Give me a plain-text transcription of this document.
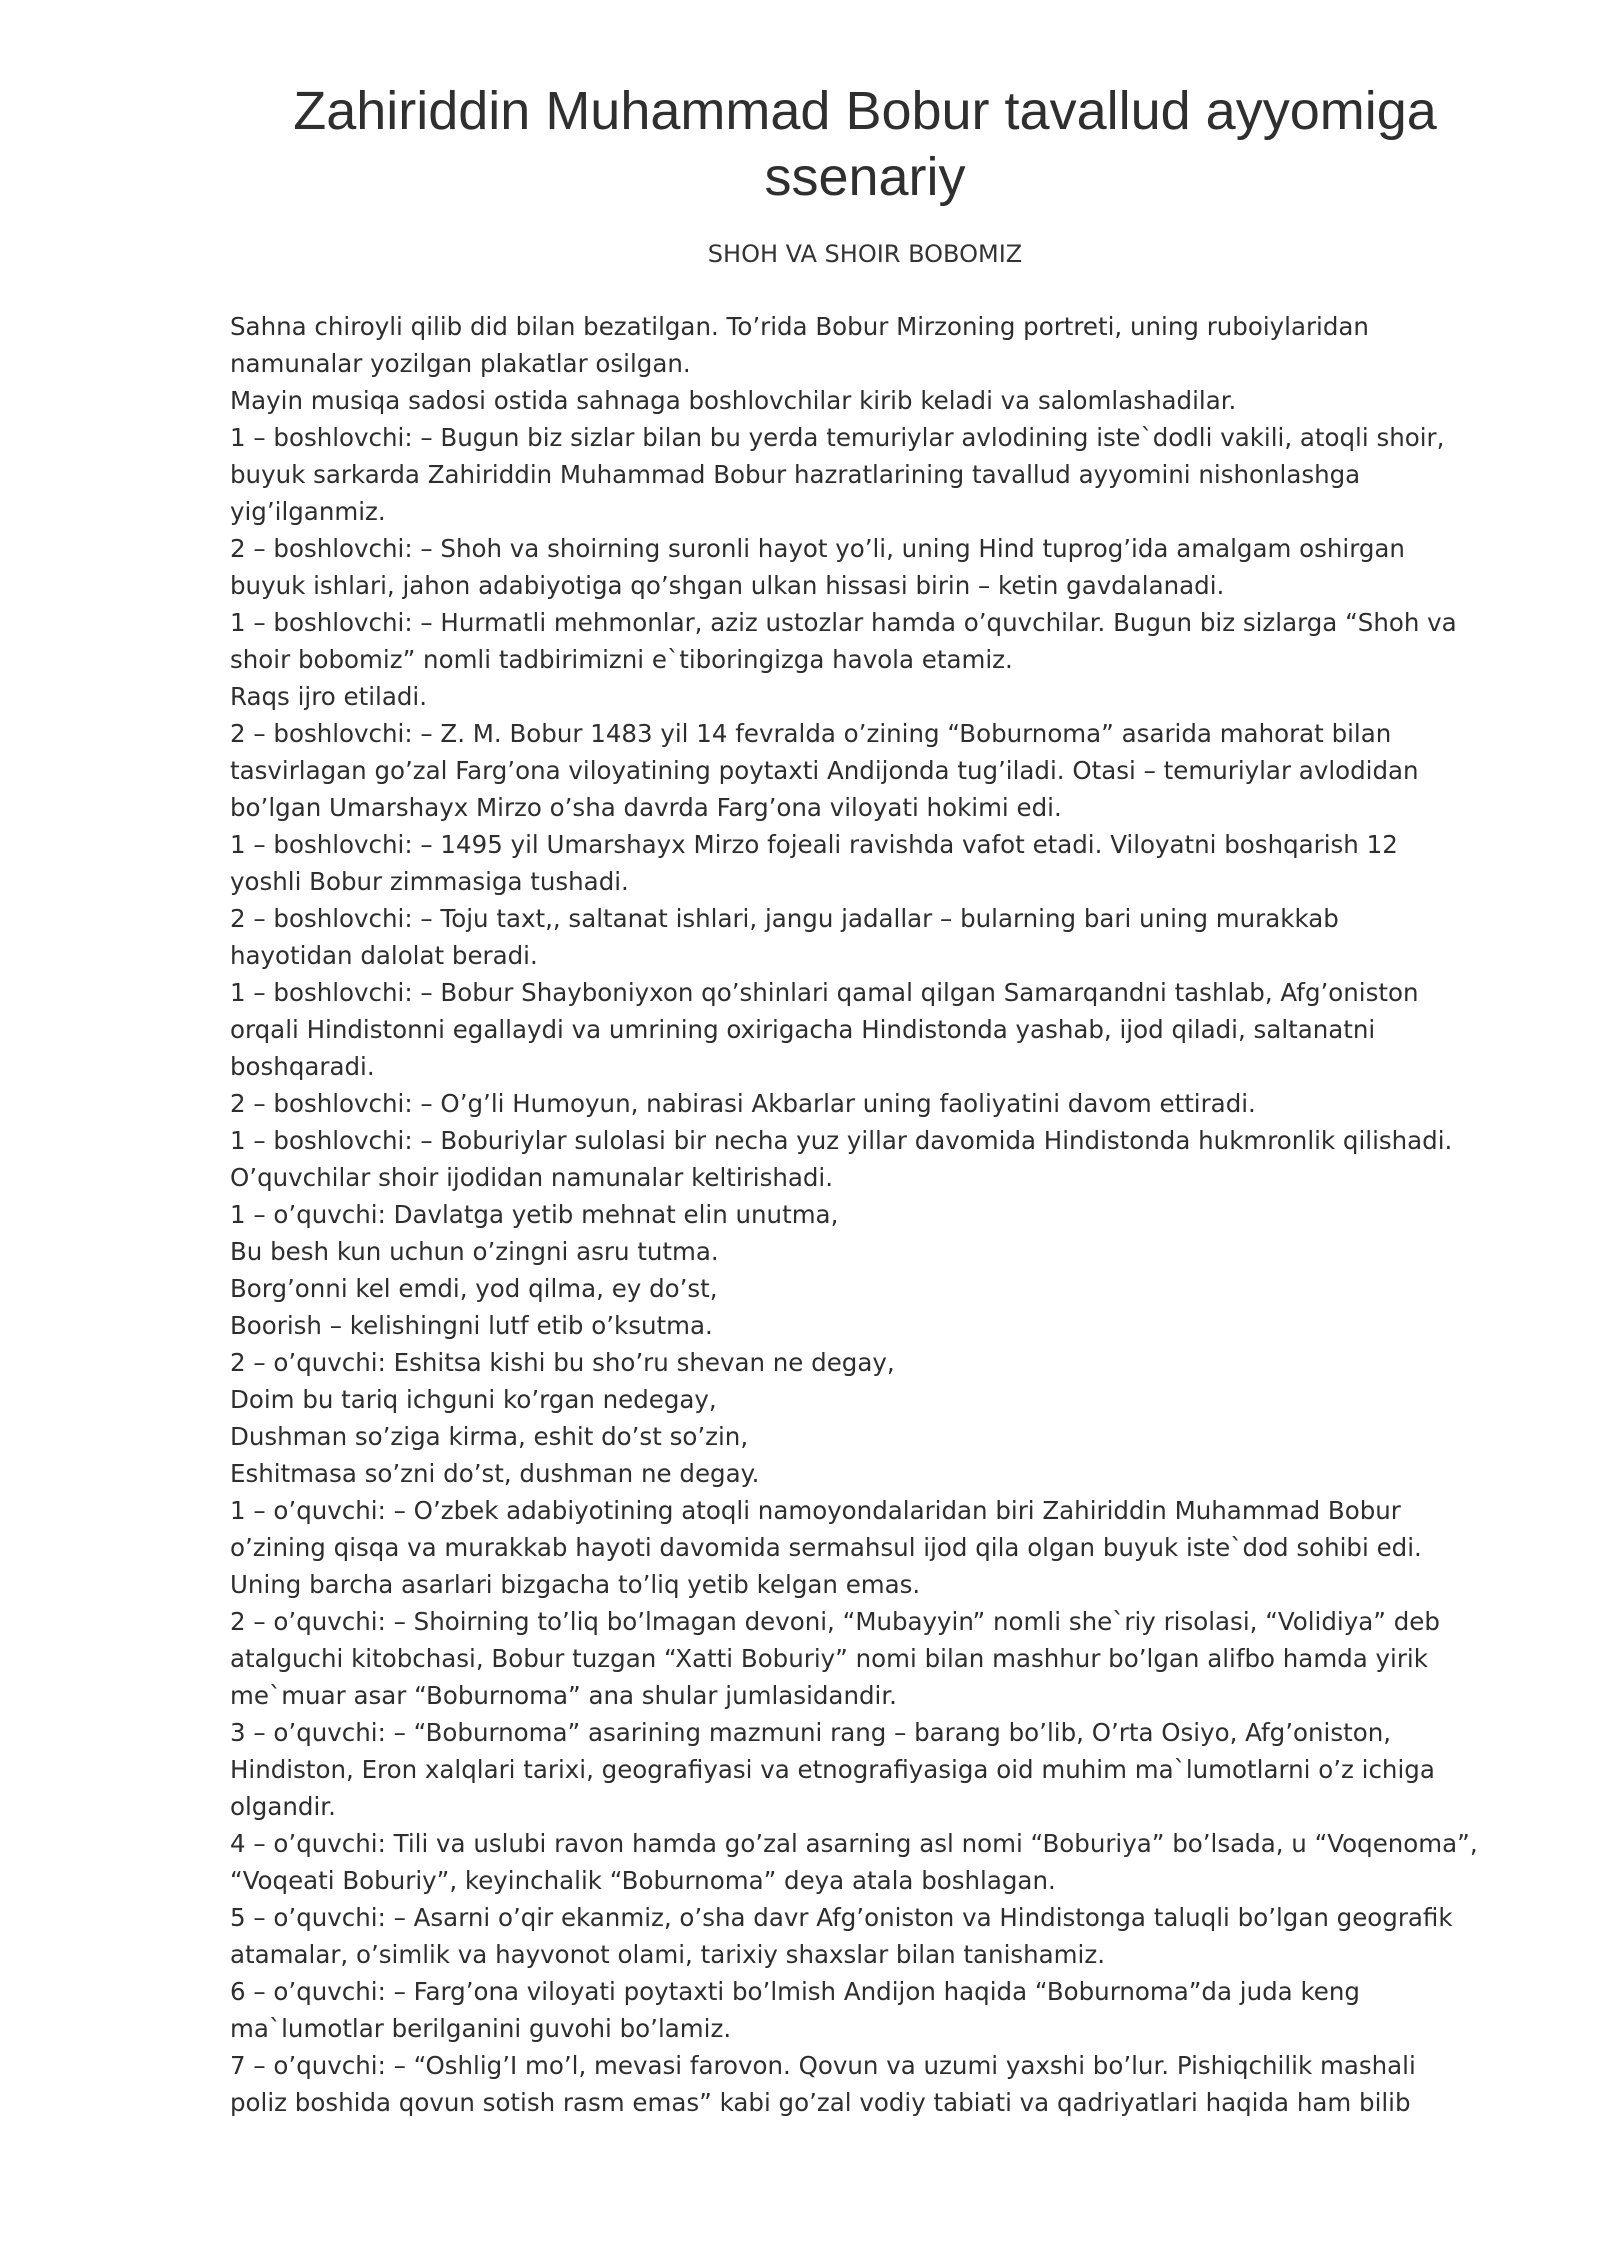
Zahiriddin Muhammad Bobur tavallud ayyomiga
ssenariy

SHOH VA SHOIR BOBOMIZ

Sahna chiroyli qilib did bilan bezatilgan. To’rida Bobur Mirzoning portreti, uning ruboiylaridan

namunalar yozilgan plakatlar osilgan.

Mayin musiqa sadosi ostida sahnaga boshlovchilar kirib keladi va salomlashadilar.

1 – boshlovchi: – Bugun biz sizlar bilan bu yerda temuriylar avlodining iste`dodli vakili, atoqli shoir,

buyuk sarkarda Zahiriddin Muhammad Bobur hazratlarining tavallud ayyomini nishonlashga

yig’ilganmiz.

2 – boshlovchi: – Shoh va shoirning suronli hayot yo’li, uning Hind tuprog’ida amalgam oshirgan

buyuk ishlari, jahon adabiyotiga qo’shgan ulkan hissasi birin – ketin gavdalanadi.

1 – boshlovchi: – Hurmatli mehmonlar, aziz ustozlar hamda o’quvchilar. Bugun biz sizlarga “Shoh va

shoir bobomiz” nomli tadbirimizni e`tiboringizga havola etamiz.

Raqs ijro etiladi.

2 – boshlovchi: – Z. M. Bobur 1483 yil 14 fevralda o’zining “Boburnoma” asarida mahorat bilan

tasvirlagan go’zal Farg’ona viloyatining poytaxti Andijonda tug’iladi. Otasi – temuriylar avlodidan

bo’lgan Umarshayx Mirzo o’sha davrda Farg’ona viloyati hokimi edi.

1 – boshlovchi: – 1495 yil Umarshayx Mirzo fojeali ravishda vafot etadi. Viloyatni boshqarish 12

yoshli Bobur zimmasiga tushadi.

2 – boshlovchi: – Toju taxt,, saltanat ishlari, jangu jadallar – bularning bari uning murakkab

hayotidan dalolat beradi.

1 – boshlovchi: – Bobur Shayboniyxon qo’shinlari qamal qilgan Samarqandni tashlab, Afg’oniston

orqali Hindistonni egallaydi va umrining oxirigacha Hindistonda yashab, ijod qiladi, saltanatni

boshqaradi.

2 – boshlovchi: – O’g’li Humoyun, nabirasi Akbarlar uning faoliyatini davom ettiradi.

1 – boshlovchi: – Boburiylar sulolasi bir necha yuz yillar davomida Hindistonda hukmronlik qilishadi.

O’quvchilar shoir ijodidan namunalar keltirishadi.

1 – o’quvchi: Davlatga yetib mehnat elin unutma,

Bu besh kun uchun o’zingni asru tutma.

Borg’onni kel emdi, yod qilma, ey do’st,

Boorish – kelishingni lutf etib o’ksutma.

2 – o’quvchi: Eshitsa kishi bu sho’ru shevan ne degay,

Doim bu tariq ichguni ko’rgan nedegay,

Dushman so’ziga kirma, eshit do’st so’zin,

Eshitmasa so’zni do’st, dushman ne degay.

1 – o’quvchi: – O’zbek adabiyotining atoqli namoyondalaridan biri Zahiriddin Muhammad Bobur

o’zining qisqa va murakkab hayoti davomida sermahsul ijod qila olgan buyuk iste`dod sohibi edi.

Uning barcha asarlari bizgacha to’liq yetib kelgan emas.

2 – o’quvchi: – Shoirning to’liq bo’lmagan devoni, “Mubayyin” nomli she`riy risolasi, “Volidiya” deb

atalguchi kitobchasi, Bobur tuzgan “Xatti Boburiy” nomi bilan mashhur bo’lgan alifbo hamda yirik

me`muar asar “Boburnoma” ana shular jumlasidandir.

3 – o’quvchi: – “Boburnoma” asarining mazmuni rang – barang bo’lib, O’rta Osiyo, Afg’oniston,

Hindiston, Eron xalqlari tarixi, geografiyasi va etnografiyasiga oid muhim ma`lumotlarni o’z ichiga

olgandir.

4 – o’quvchi: Tili va uslubi ravon hamda go’zal asarning asl nomi “Boburiya” bo’lsada, u “Voqenoma”,

“Voqeati Boburiy”, keyinchalik “Boburnoma” deya atala boshlagan.

5 – o’quvchi: – Asarni o’qir ekanmiz, o’sha davr Afg’oniston va Hindistonga taluqli bo’lgan geografik

atamalar, o’simlik va hayvonot olami, tarixiy shaxslar bilan tanishamiz.

6 – o’quvchi: – Farg’ona viloyati poytaxti bo’lmish Andijon haqida “Boburnoma”da juda keng

ma`lumotlar berilganini guvohi bo’lamiz.

7 – o’quvchi: – “Oshlig’I mo’l, mevasi farovon. Qovun va uzumi yaxshi bo’lur. Pishiqchilik mashali

poliz boshida qovun sotish rasm emas” kabi go’zal vodiy tabiati va qadriyatlari haqida ham bilib
